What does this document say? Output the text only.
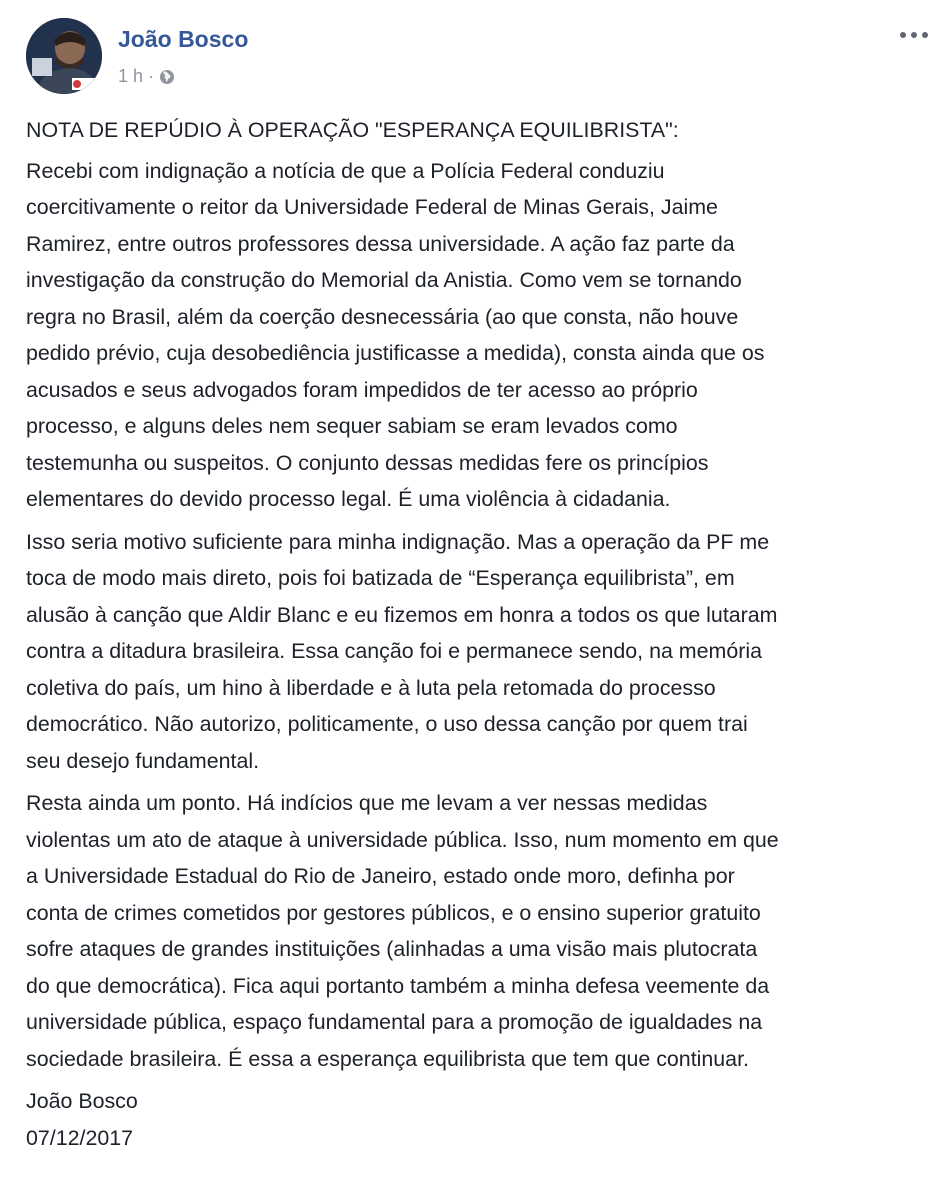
João Bosco
1 h ·

NOTA DE REPÚDIO À OPERAÇÃO "ESPERANÇA EQUILIBRISTA":

Recebi com indignação a notícia de que a Polícia Federal conduziu
coercitivamente o reitor da Universidade Federal de Minas Gerais, Jaime
Ramirez, entre outros professores dessa universidade. A ação faz parte da
investigação da construção do Memorial da Anistia. Como vem se tornando
regra no Brasil, além da coerção desnecessária (ao que consta, não houve
pedido prévio, cuja desobediência justificasse a medida), consta ainda que os
acusados e seus advogados foram impedidos de ter acesso ao próprio
processo, e alguns deles nem sequer sabiam se eram levados como
testemunha ou suspeitos. O conjunto dessas medidas fere os princípios
elementares do devido processo legal. É uma violência à cidadania.

Isso seria motivo suficiente para minha indignação. Mas a operação da PF me
toca de modo mais direto, pois foi batizada de “Esperança equilibrista”, em
alusão à canção que Aldir Blanc e eu fizemos em honra a todos os que lutaram
contra a ditadura brasileira. Essa canção foi e permanece sendo, na memória
coletiva do país, um hino à liberdade e à luta pela retomada do processo
democrático. Não autorizo, politicamente, o uso dessa canção por quem trai
seu desejo fundamental.

Resta ainda um ponto. Há indícios que me levam a ver nessas medidas
violentas um ato de ataque à universidade pública. Isso, num momento em que
a Universidade Estadual do Rio de Janeiro, estado onde moro, definha por
conta de crimes cometidos por gestores públicos, e o ensino superior gratuito
sofre ataques de grandes instituições (alinhadas a uma visão mais plutocrata
do que democrática). Fica aqui portanto também a minha defesa veemente da
universidade pública, espaço fundamental para a promoção de igualdades na
sociedade brasileira. É essa a esperança equilibrista que tem que continuar.

João Bosco

07/12/2017
